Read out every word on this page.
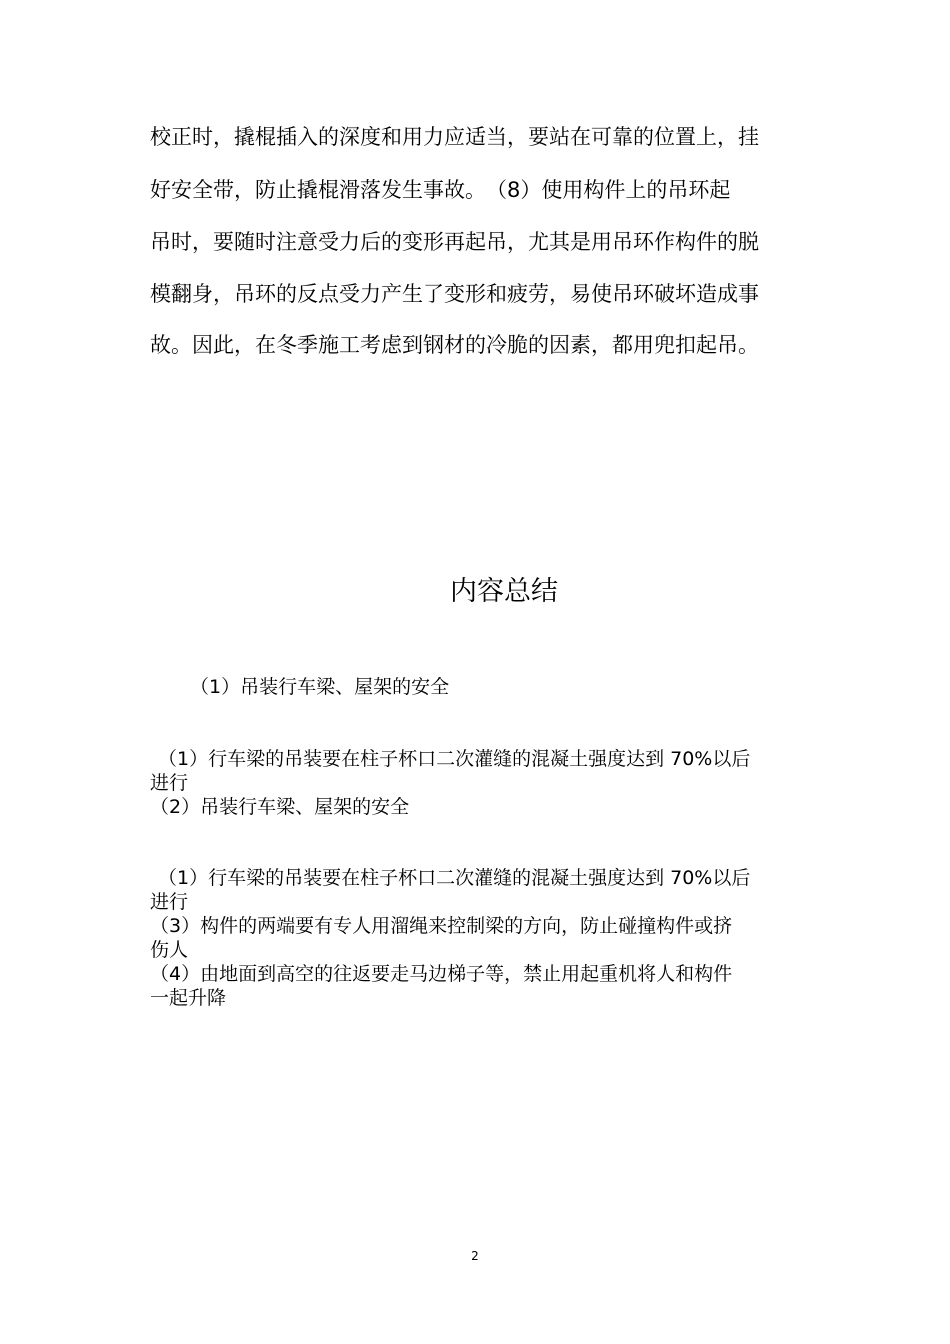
校正时，撬棍插入的深度和用力应适当，要站在可靠的位置上，挂
好安全带，防止撬棍滑落发生事故。　（8）使用构件上的吊环起
吊时，要随时注意受力后的变形再起吊，尤其是用吊环作构件的脱
模翻身，吊环的反点受力产生了变形和疲劳，易使吊环破坏造成事
故。因此，在冬季施工考虑到钢材的冷脆的因素，都用兜扣起吊。
内容总结
（1）吊装行车梁、屋架的安全
（1）行车梁的吊装要在柱子杯口二次灌缝的混凝土强度达到 70%以后
进行
（2）吊装行车梁、屋架的安全
（1）行车梁的吊装要在柱子杯口二次灌缝的混凝土强度达到 70%以后
进行
（3）构件的两端要有专人用溜绳来控制梁的方向，防止碰撞构件或挤
伤人
（4）由地面到高空的往返要走马边梯子等，禁止用起重机将人和构件
一起升降
2
